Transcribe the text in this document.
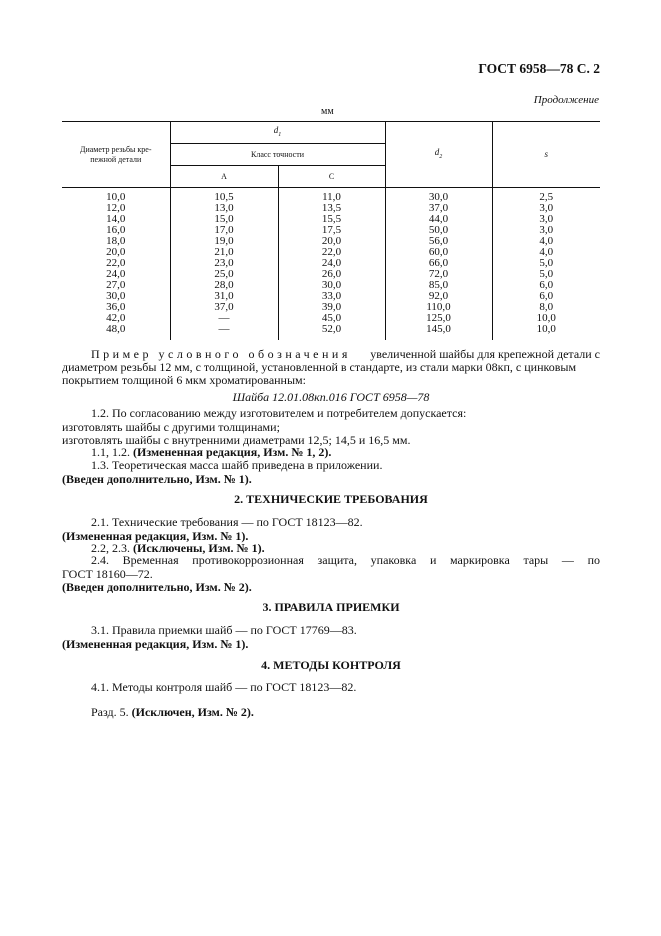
ГОСТ 6958—78 С. 2
Продолжение
мм
Диаметр резьбы кре-
пежной детали	$d_1$		$d_2$	s
	Класс точности			
	А	С		
10,0	10,5	11,0	30,0	2,5
12,0	13,0	13,5	37,0	3,0
14,0	15,0	15,5	44,0	3,0
16,0	17,0	17,5	50,0	3,0
18,0	19,0	20,0	56,0	4,0
20,0	21,0	22,0	60,0	4,0
22,0	23,0	24,0	66,0	5,0
24,0	25,0	26,0	72,0	5,0
27,0	28,0	30,0	85,0	6,0
30,0	31,0	33,0	92,0	6,0
36,0	37,0	39,0	110,0	8,0
42,0	—	45,0	125,0	10,0
48,0	—	52,0	145,0	10,0
Пример условного обозначения увеличенной шайбы для крепежной детали с
диаметром резьбы 12 мм, с толщиной, установленной в стандарте, из стали марки 08кп, с цинковым
покрытием толщиной 6 мкм хроматированным:
Шайба 12.01.08кп.016 ГОСТ 6958—78
1.2. По согласованию между изготовителем и потребителем допускается:
изготовлять шайбы с другими толщинами;
изготовлять шайбы с внутренними диаметрами 12,5; 14,5 и 16,5 мм.
1.1, 1.2. (Измененная редакция, Изм. № 1, 2).
1.3. Теоретическая масса шайб приведена в приложении.
(Введен дополнительно, Изм. № 1).
2. ТЕХНИЧЕСКИЕ ТРЕБОВАНИЯ
2.1. Технические требования — по ГОСТ 18123—82.
(Измененная редакция, Изм. № 1).
2.2, 2.3. (Исключены, Изм. № 1).
2.4. Временная противокоррозионная защита, упаковка и маркировка тары — по
ГОСТ 18160—72.
(Введен дополнительно, Изм. № 2).
3. ПРАВИЛА ПРИЕМКИ
3.1. Правила приемки шайб — по ГОСТ 17769—83.
(Измененная редакция, Изм. № 1).
4. МЕТОДЫ КОНТРОЛЯ
4.1. Методы контроля шайб — по ГОСТ 18123—82.
Разд. 5. (Исключен, Изм. № 2).
